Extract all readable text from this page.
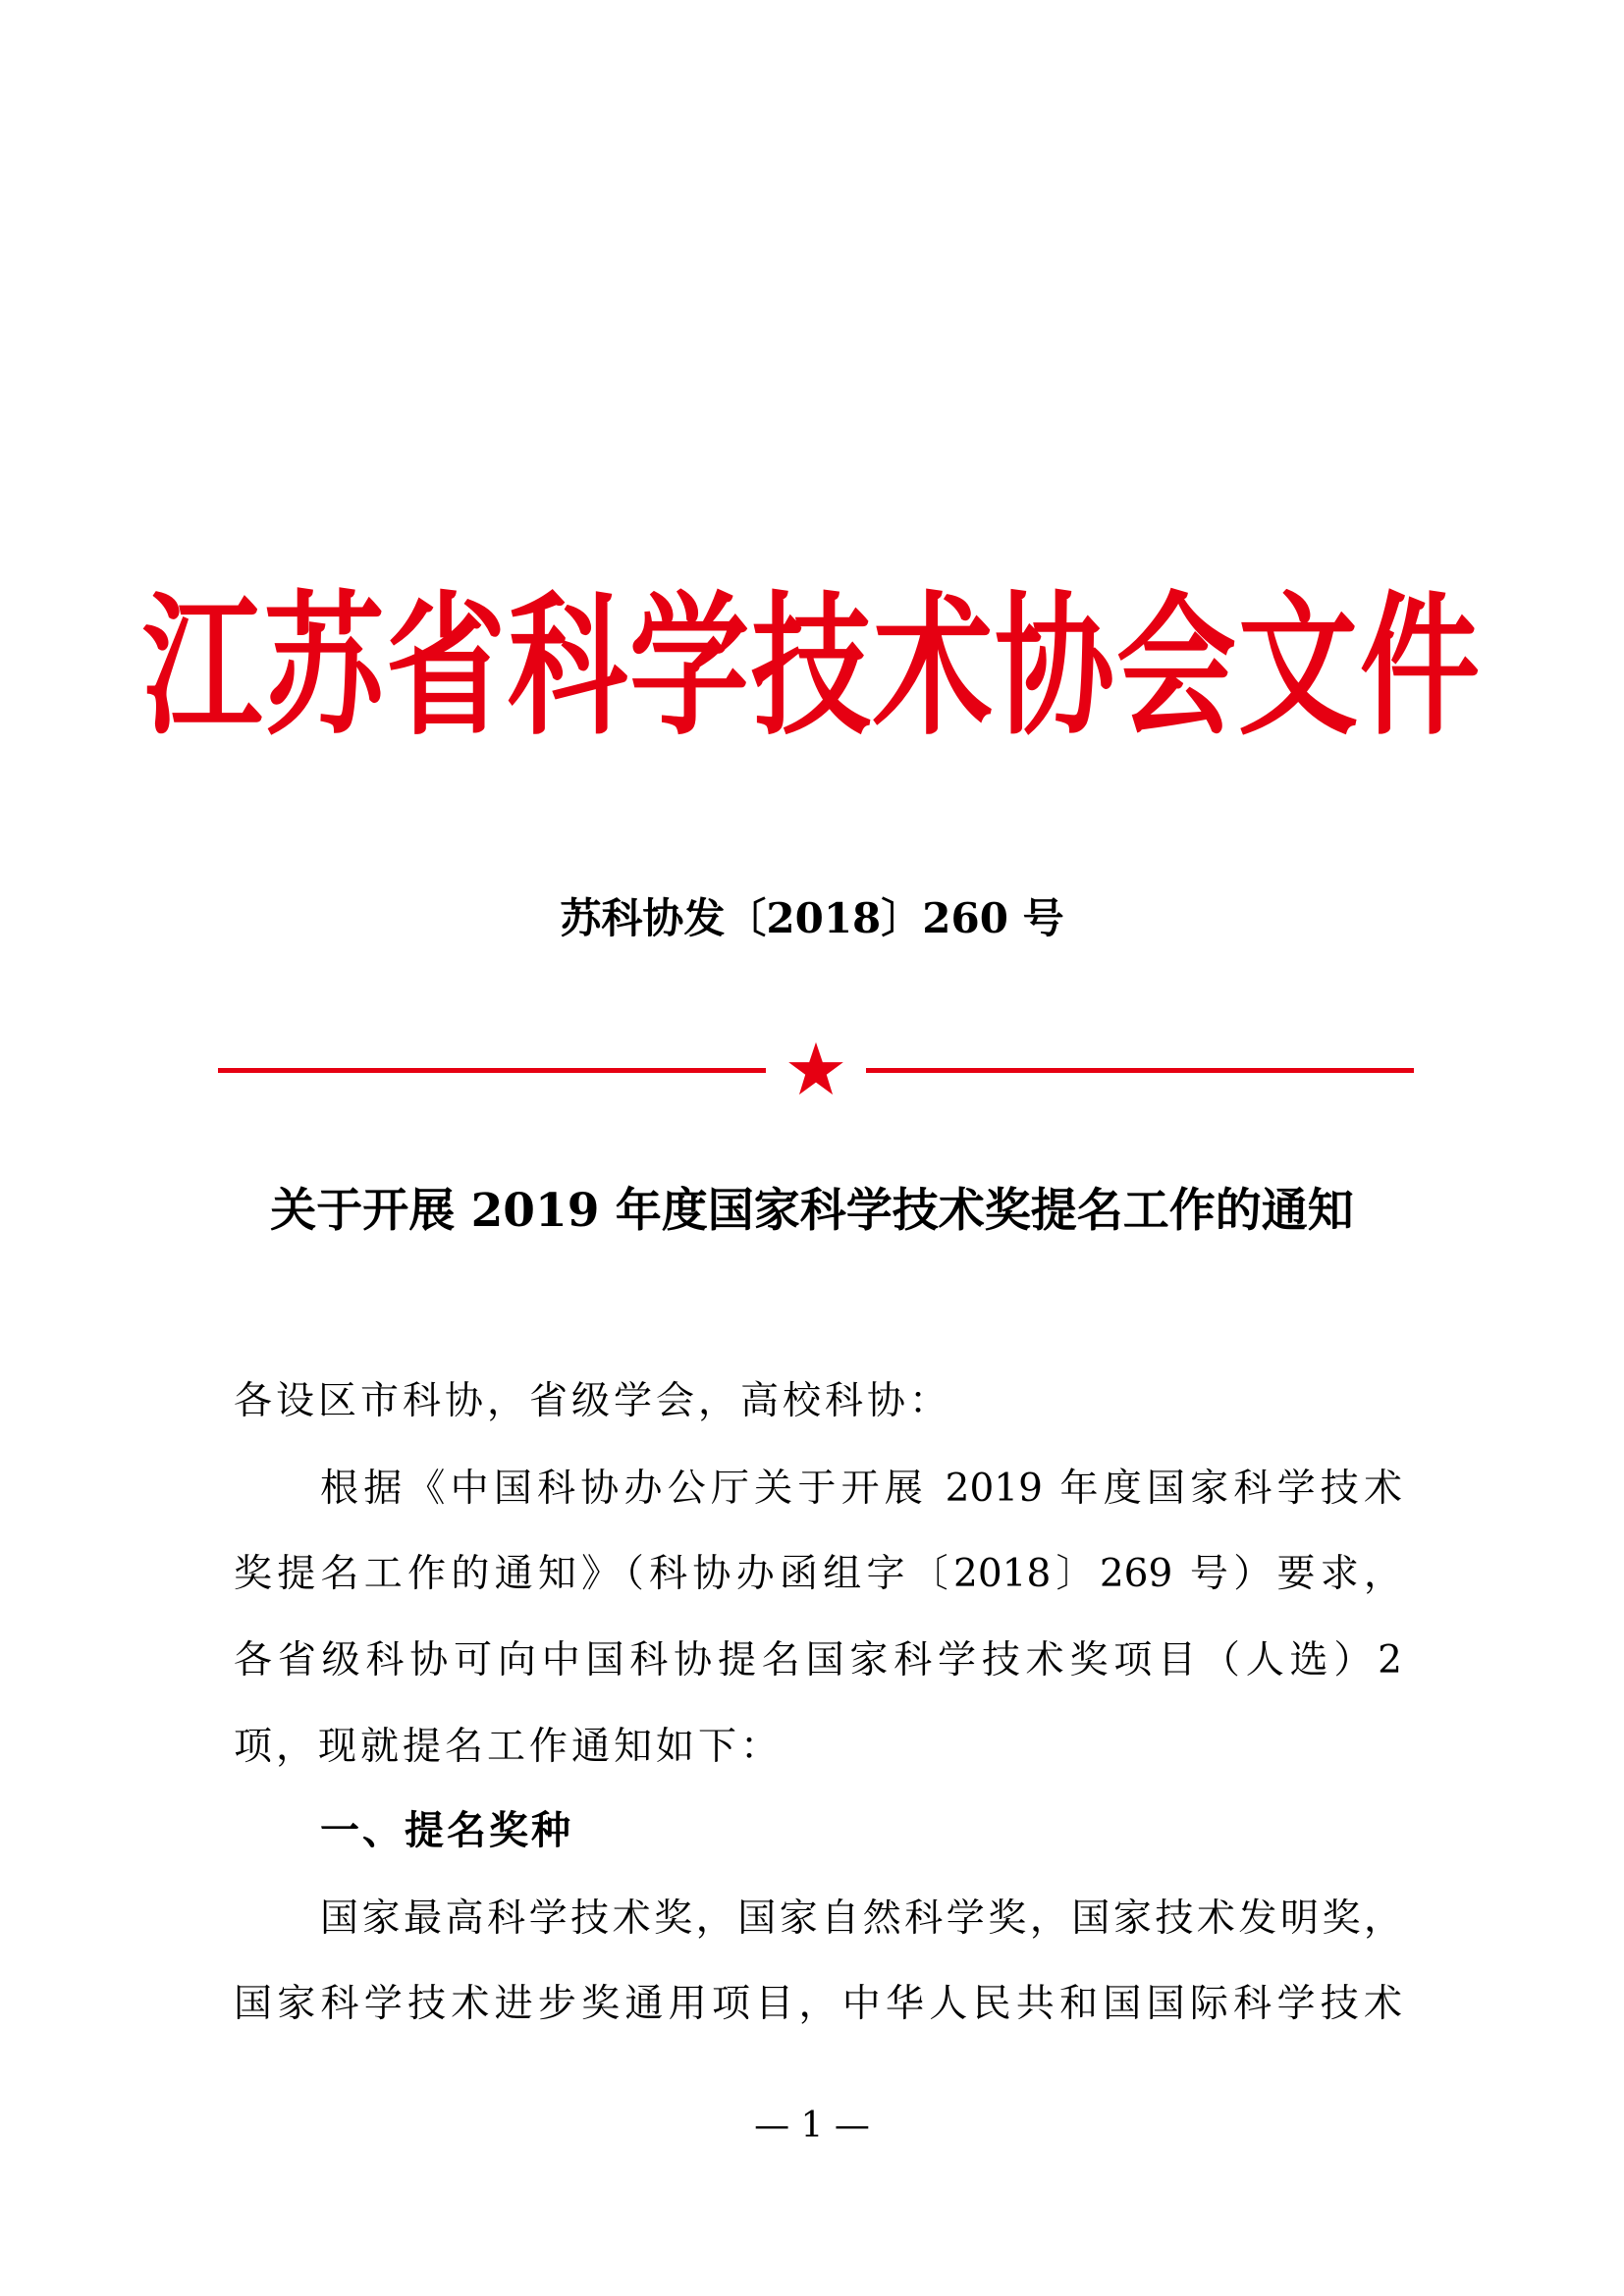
江苏省科学技术协会文件
苏科协发〔2018〕260 号
关于开展 2019 年度国家科学技术奖提名工作的通知
各设区市科协，省级学会，高校科协：
根据《中国科协办公厅关于开展 2019 年度国家科学技术
奖提名工作的通知》（科协办函组字〔2018〕269 号）要求，
各省级科协可向中国科协提名国家科学技术奖项目（人选）2
项，现就提名工作通知如下：
一、提名奖种
国家最高科学技术奖，国家自然科学奖，国家技术发明奖，
国家科学技术进步奖通用项目，中华人民共和国国际科学技术
— 1 —
